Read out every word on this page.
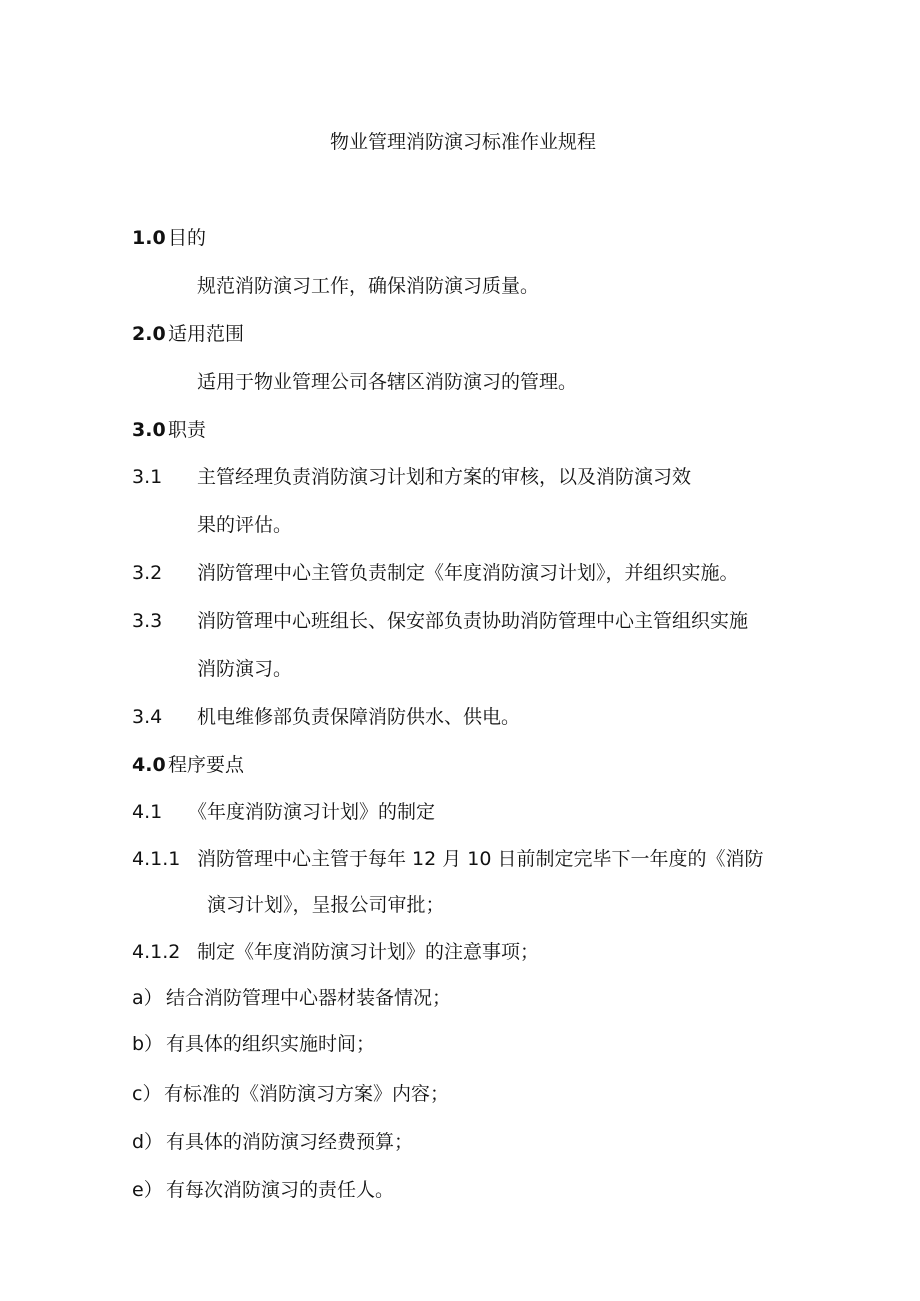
物业管理消防演习标准作业规程
1.0 目的
规范消防演习工作，确保消防演习质量。
2.0 适用范围
适用于物业管理公司各辖区消防演习的管理。
3.0 职责
3.1 主管经理负责消防演习计划和方案的审核，以及消防演习效
果的评估。
3.2 消防管理中心主管负责制定《年度消防演习计划》，并组织实施。
3.3 消防管理中心班组长、保安部负责协助消防管理中心主管组织实施
消防演习。
3.4 机电维修部负责保障消防供水、供电。
4.0 程序要点
4.1 《年度消防演习计划》的制定
4.1.1 消防管理中心主管于每年 12 月 10 日前制定完毕下一年度的《消防
演习计划》，呈报公司审批；
4.1.2 制定《年度消防演习计划》的注意事项；
a） 结合消防管理中心器材装备情况；
b） 有具体的组织实施时间；
c） 有标准的《消防演习方案》内容；
d） 有具体的消防演习经费预算；
e） 有每次消防演习的责任人。
